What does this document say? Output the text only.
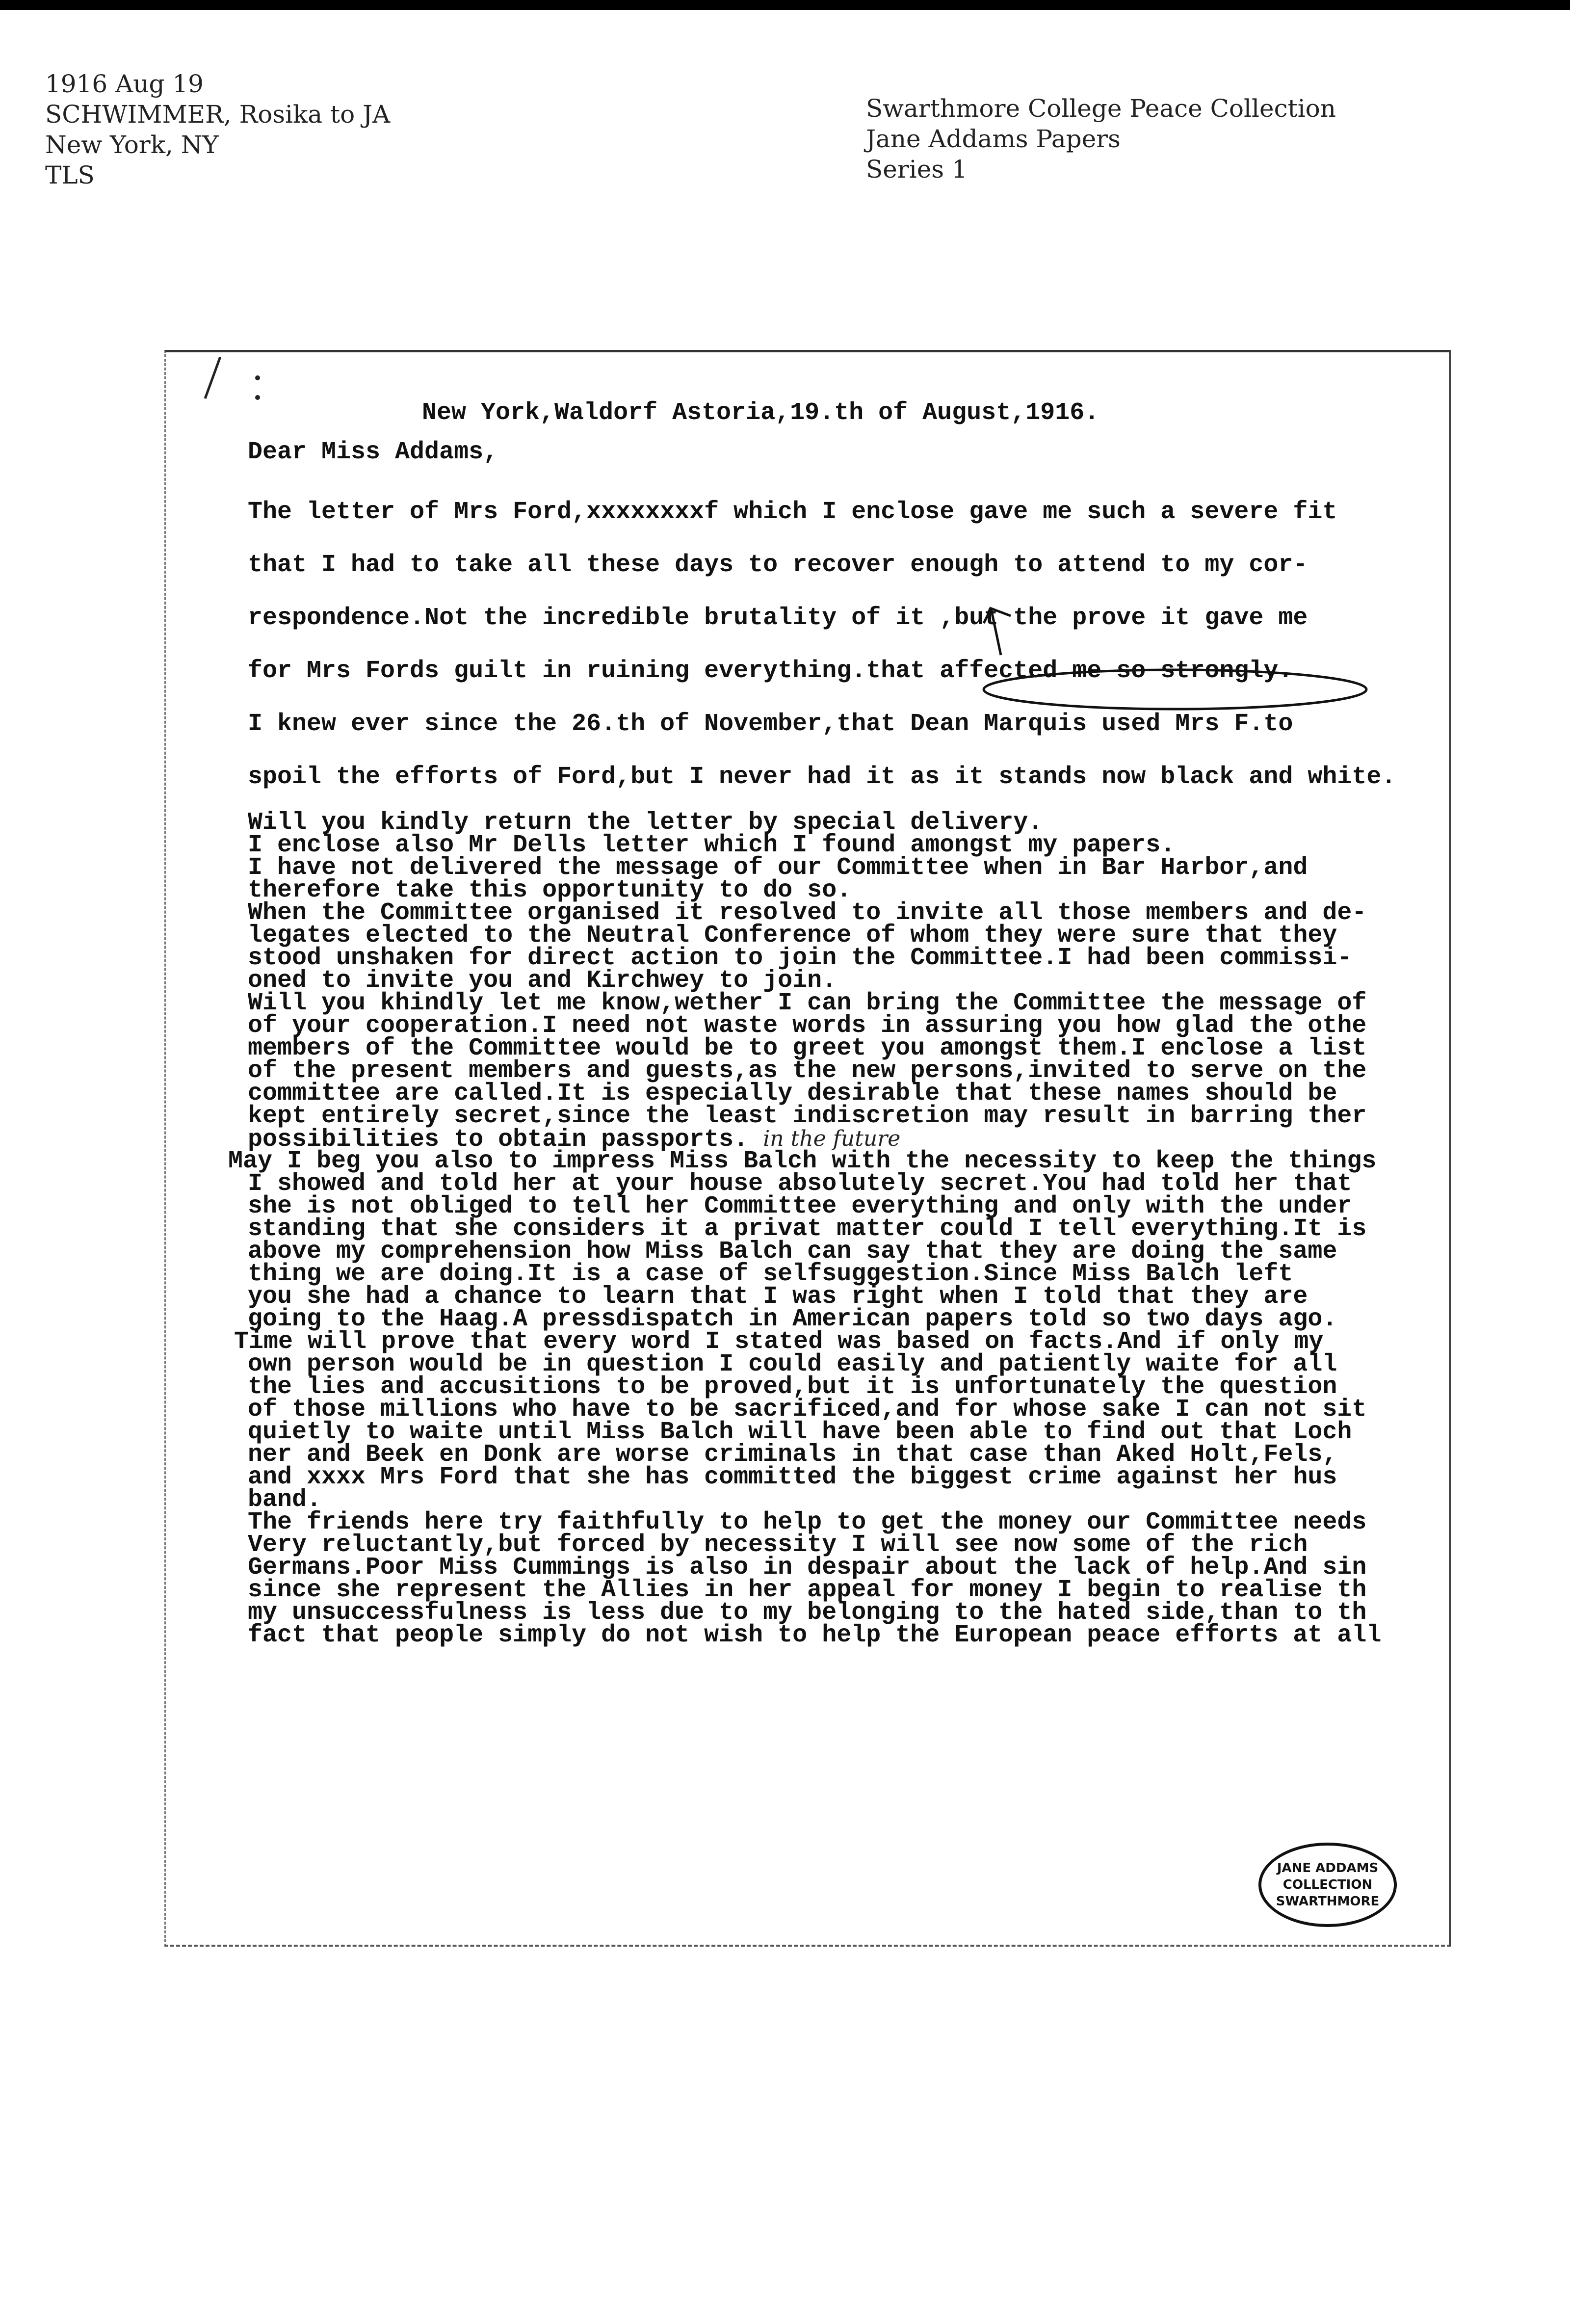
1916 Aug 19
SCHWIMMER, Rosika to JA
New York, NY
TLS
Swarthmore College Peace Collection
Jane Addams Papers
Series 1
New York,Waldorf Astoria,19.th of August,1916.
Dear Miss Addams,
The letter of Mrs Ford,xxxxxxxxf which I enclose gave me such a severe fit
that I had to take all these days to recover enough to attend to my cor-
respondence.Not the incredible brutality of it ,but the prove it gave me
for Mrs Fords guilt in ruining everything.that affected me so strongly.
I knew ever since the 26.th of November,that Dean Marquis used Mrs F.to
spoil the efforts of Ford,but I never had it as it stands now black and white.
Will you kindly return the letter by special delivery.
I enclose also Mr Dells letter which I found amongst my papers.
I have not delivered the message of our Committee when in Bar Harbor,and
therefore take this opportunity to do so.
When the Committee organised it resolved to invite all those members and de-
legates elected to the Neutral Conference of whom they were sure that they
stood unshaken for direct action to join the Committee.I had been commissi-
oned to invite you and Kirchwey to join.
Will you khindly let me know,wether I can bring the Committee the message of
of your cooperation.I need not waste words in assuring you how glad the othe
members of the Committee would be to greet you amongst them.I enclose a list
of the present members and guests,as the new persons,invited to serve on the
committee are called.It is especially desirable that these names should be
kept entirely secret,since the least indiscretion may result in barring ther
possibilities to obtain passports. in the future
May I beg you also to impress Miss Balch with the necessity to keep the things
I showed and told her at your house absolutely secret.You had told her that
she is not obliged to tell her Committee everything and only with the under
standing that she considers it a privat matter could I tell everything.It is
above my comprehension how Miss Balch can say that they are doing the same
thing we are doing.It is a case of selfsuggestion.Since Miss Balch left
you she had a chance to learn that I was right when I told that they are
going to the Haag.A pressdispatch in American papers told so two days ago.
Time will prove that every word I stated was based on facts.And if only my
own person would be in question I could easily and patiently waite for all
the lies and accusitions to be proved,but it is unfortunately the question
of those millions who have to be sacrificed,and for whose sake I can not sit
quietly to waite until Miss Balch will have been able to find out that Loch
ner and Beek en Donk are worse criminals in that case than Aked Holt,Fels,
and xxxx Mrs Ford that she has committed the biggest crime against her hus
band.
The friends here try faithfully to help to get the money our Committee needs
Very reluctantly,but forced by necessity I will see now some of the rich
Germans.Poor Miss Cummings is also in despair about the lack of help.And sin
since she represent the Allies in her appeal for money I begin to realise th
my unsuccessfulness is less due to my belonging to the hated side,than to th
fact that people simply do not wish to help the European peace efforts at all
JANE ADDAMS
COLLECTION
SWARTHMORE
